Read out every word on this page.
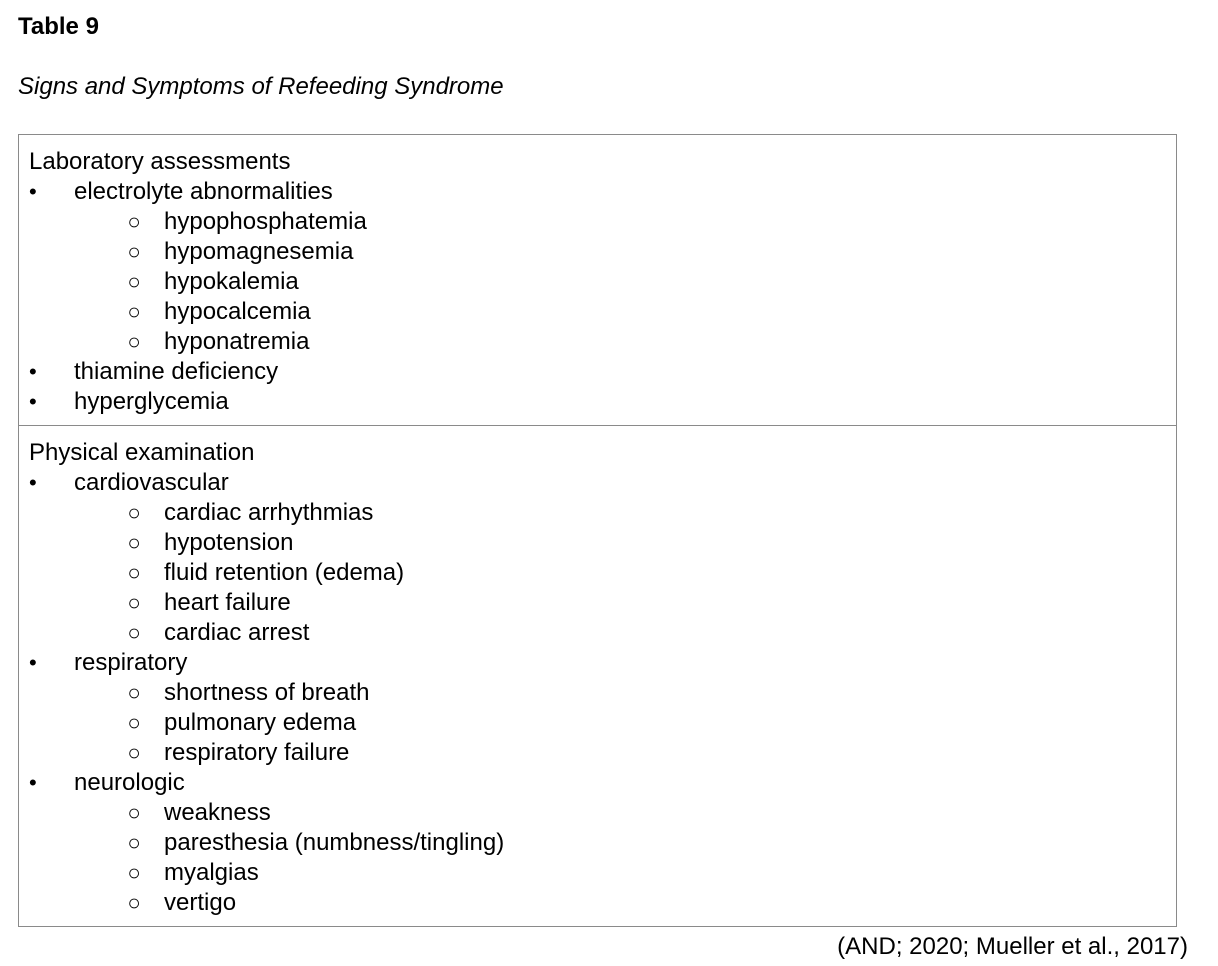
Table 9

Signs and Symptoms of Refeeding Syndrome

Laboratory assessments
•	electrolyte abnormalities
○ hypophosphatemia
○ hypomagnesemia
○ hypokalemia
○ hypocalcemia
○ hyponatremia
•	thiamine deficiency
•	hyperglycemia

Physical examination
•	cardiovascular
○ cardiac arrhythmias
○ hypotension
○ fluid retention (edema)
○ heart failure
○ cardiac arrest
•	respiratory
○ shortness of breath
○ pulmonary edema
○ respiratory failure
•	neurologic
○ weakness
○ paresthesia (numbness/tingling)
○ myalgias
○ vertigo

(AND; 2020; Mueller et al., 2017)
